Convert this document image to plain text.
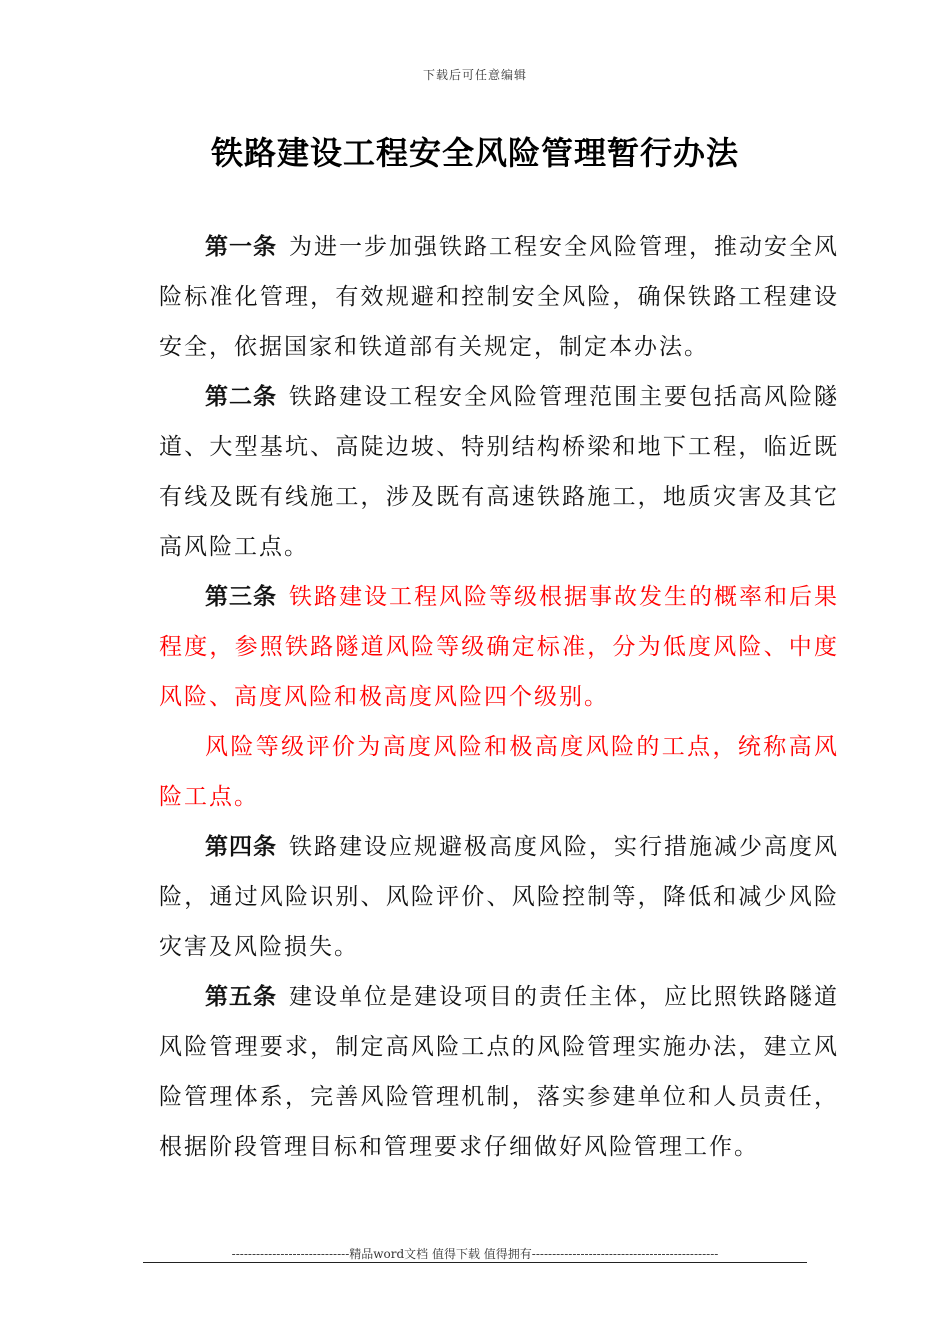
下载后可任意编辑
铁路建设工程安全风险管理暂行办法

第一条 为进一步加强铁路工程安全风险管理，推动安全风险标准化管理，有效规避和控制安全风险，确保铁路工程建设安全，依据国家和铁道部有关规定，制定本办法。

第二条 铁路建设工程安全风险管理范围主要包括高风险隧道、大型基坑、高陡边坡、特别结构桥梁和地下工程，临近既有线及既有线施工，涉及既有高速铁路施工，地质灾害及其它高风险工点。

第三条 铁路建设工程风险等级根据事故发生的概率和后果程度，参照铁路隧道风险等级确定标准，分为低度风险、中度风险、高度风险和极高度风险四个级别。

风险等级评价为高度风险和极高度风险的工点，统称高风险工点。

第四条 铁路建设应规避极高度风险，实行措施减少高度风险，通过风险识别、风险评价、风险控制等，降低和减少风险灾害及风险损失。

第五条 建设单位是建设项目的责任主体，应比照铁路隧道风险管理要求，制定高风险工点的风险管理实施办法，建立风险管理体系，完善风险管理机制，落实参建单位和人员责任，根据阶段管理目标和管理要求仔细做好风险管理工作。

-----------------------------精品word文档 值得下载 值得拥有----------------------------------------------
